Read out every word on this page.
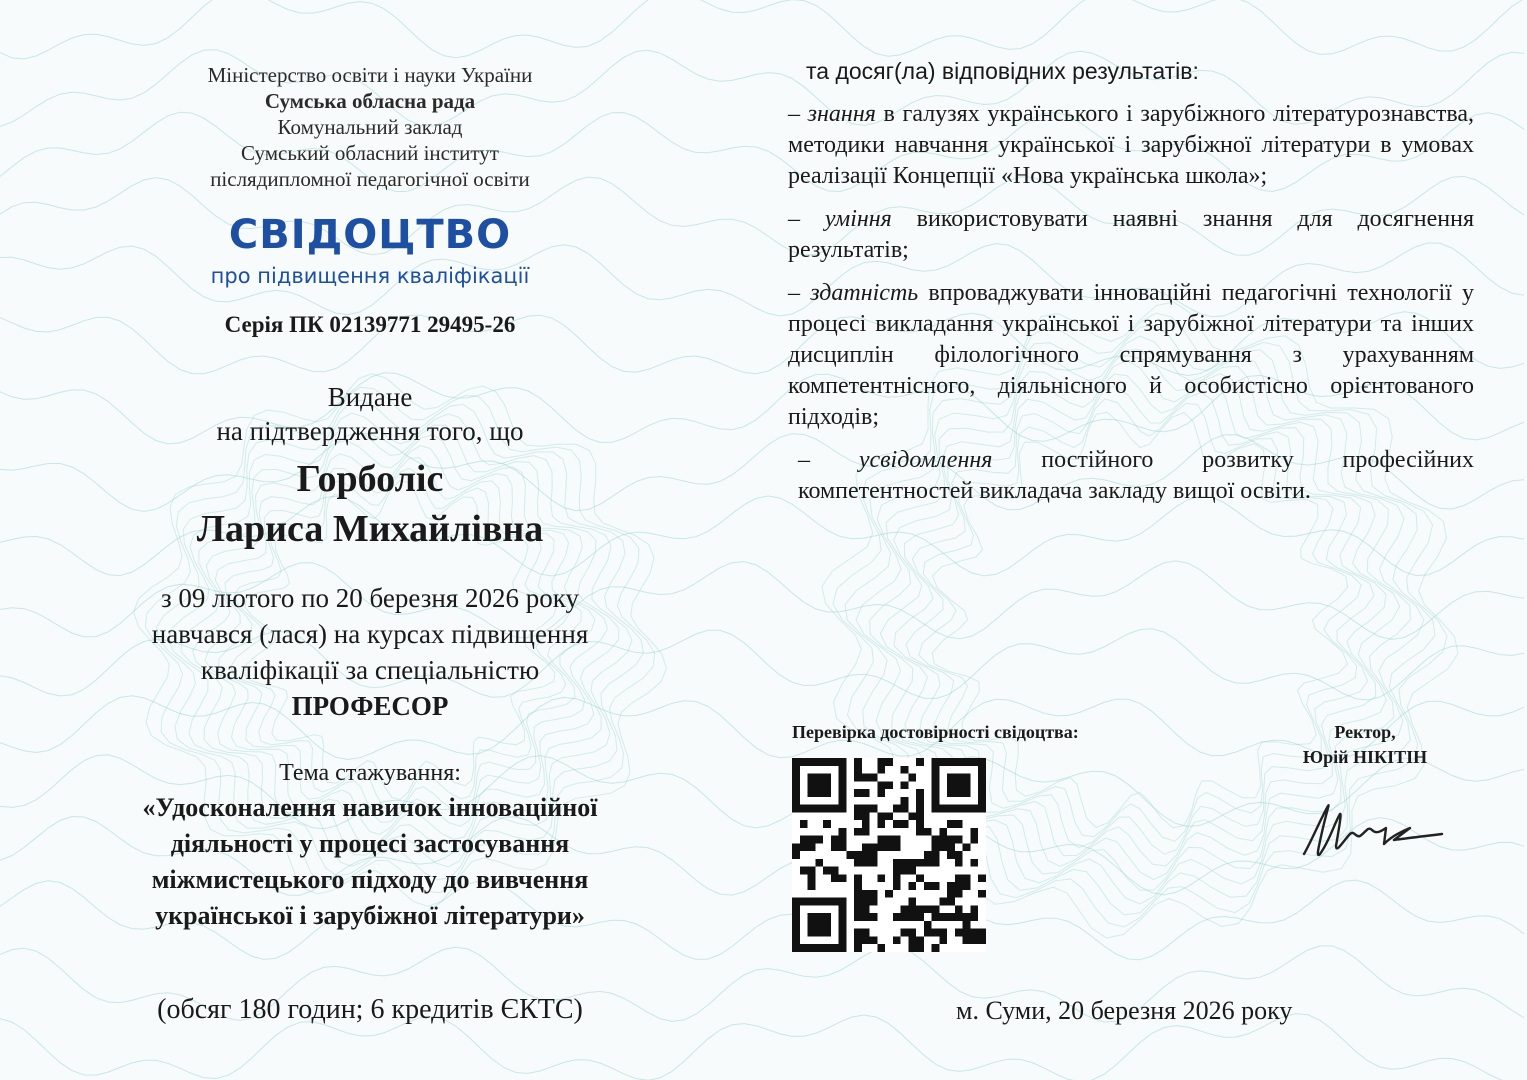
Міністерство освіти і науки України
Сумська обласна рада
Комунальний заклад
Сумський обласний інститут
післядипломної педагогічної освіти
СВІДОЦТВО
про підвищення кваліфікації
Серія ПК 02139771 29495-26
Видане
на підтвердження того, що
Горболіс
Лариса Михайлівна
з 09 лютого по 20 березня 2026 року
навчався (лася) на курсах підвищення
кваліфікації за спеціальністю
ПРОФЕСОР
Тема стажування:
«Удосконалення навичок інноваційної
діяльності у процесі застосування
міжмистецького підходу до вивчення
української і зарубіжної літератури»
(обсяг 180 годин; 6 кредитів ЄКТС)
та досяг(ла) відповідних результатів:
– знання в галузях українського і зарубіжного літературознавства, методики навчання української і зарубіжної літератури в умовах реалізації Концепції «Нова українська школа»;
– уміння використовувати наявні знання для досягнення результатів;
– здатність впроваджувати інноваційні педагогічні технології у процесі викладання української і зарубіжної літератури та інших дисциплін філологічного спрямування з урахуванням компетентнісного, діяльнісного й особистісно орієнтованого підходів;
– усвідомлення постійного розвитку професійних компетентностей викладача закладу вищої освіти.
Перевірка достовірності свідоцтва:	Ректор,
Юрій НІКІТІН
м. Суми, 20 березня 2026 року
